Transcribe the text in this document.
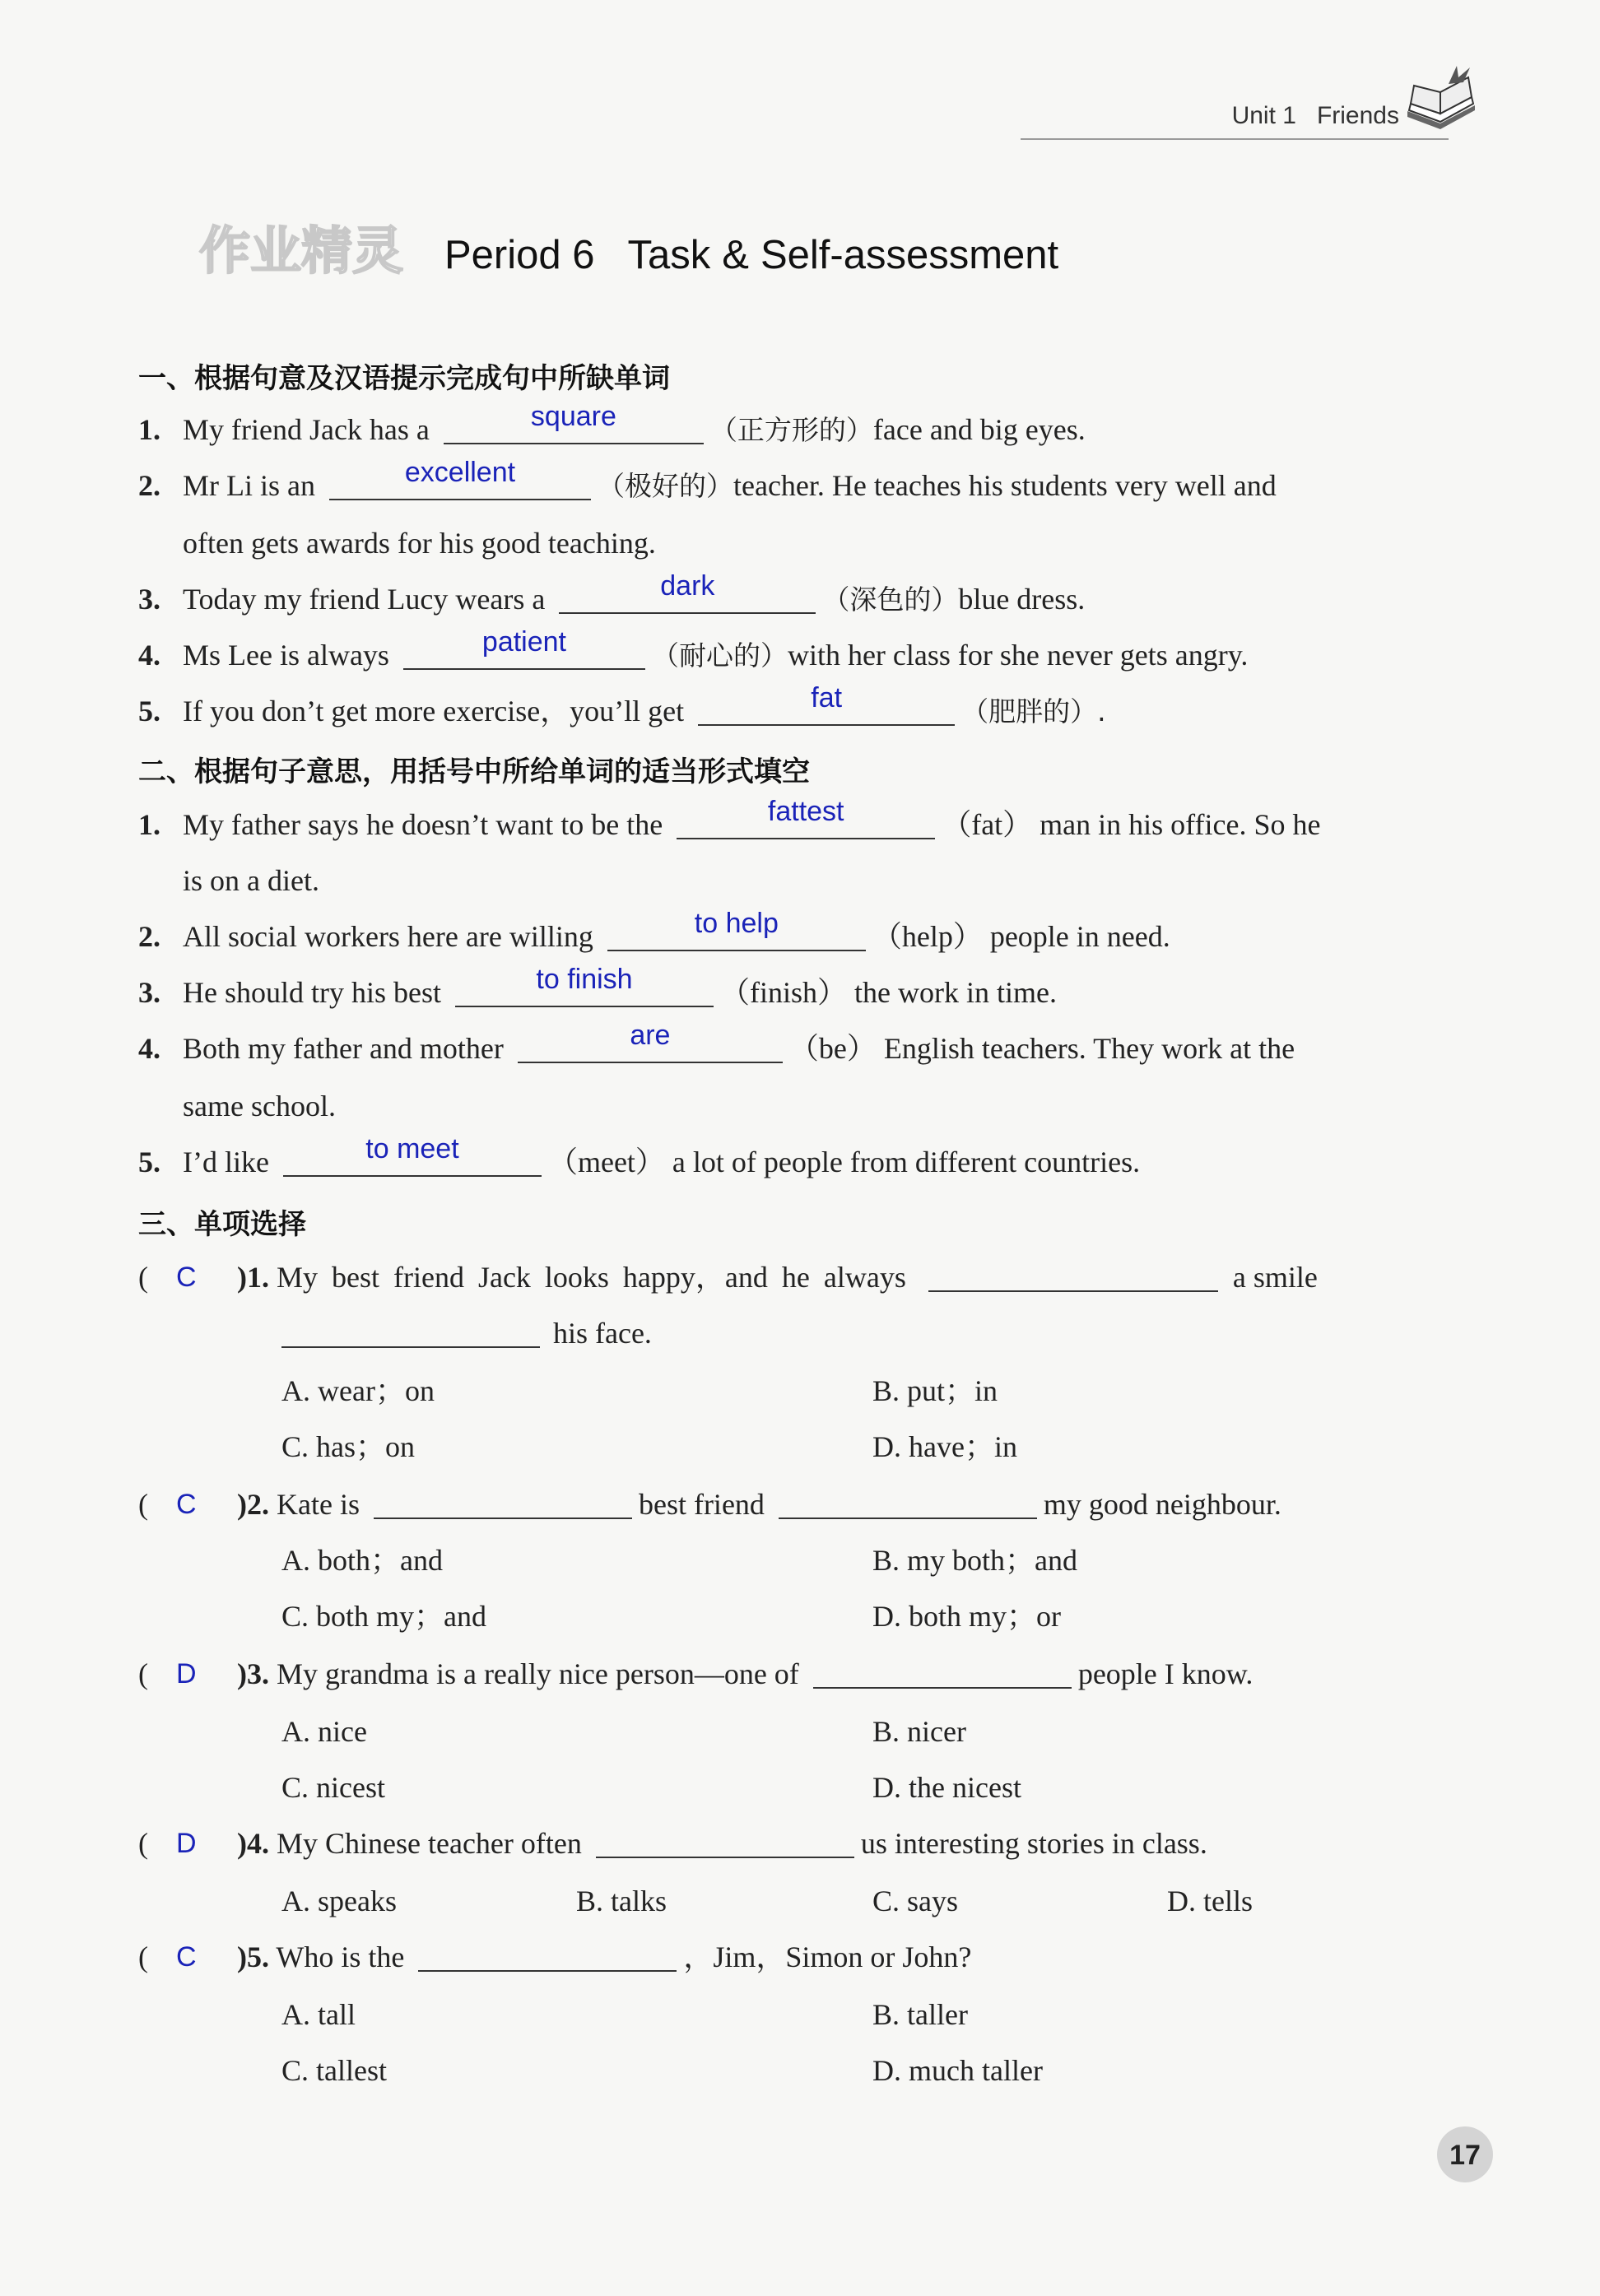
Unit 1 Friends
作业精灵 Period 6 Task & Self-assessment
一、根据句意及汉语提示完成句中所缺单词
1. My friend Jack has a	square	（正方形的）face and big eyes.
2. Mr Li is an	excellent	（极好的）teacher. He teaches his students very well and
often gets awards for his good teaching.
3. Today my friend Lucy wears a	dark	（深色的）blue dress.
4. Ms Lee is always	patient	（耐心的）with her class for she never gets angry.
5. If you don’t get more exercise，you’ll get	fat	（肥胖的）.
二、根据句子意思，用括号中所给单词的适当形式填空
1. My father says he doesn’t want to be the	fattest	（fat） man in his office. So he
is on a diet.
2. All social workers here are willing	to help	（help） people in need.
3. He should try his best	to finish	（finish） the work in time.
4. Both my father and mother	are	（be） English teachers. They work at the
same school.
5. I’d like	to meet	（meet） a lot of people from different countries.
三、单项选择
( C )1. My best friend Jack looks happy，and he always	a smile
his face.
A. wear；on	B. put；in
C. has；on	D. have；in
( C )2. Kate is	best friend	my good neighbour.
A. both；and	B. my both；and
C. both my；and	D. both my；or
( D )3. My grandma is a really nice person—one of	people I know.
A. nice	B. nicer
C. nicest	D. the nicest
( D )4. My Chinese teacher often	us interesting stories in class.
A. speaks	B. talks	C. says	D. tells
( C )5. Who is the	，Jim，Simon or John?
A. tall	B. taller
C. tallest	D. much taller
17
